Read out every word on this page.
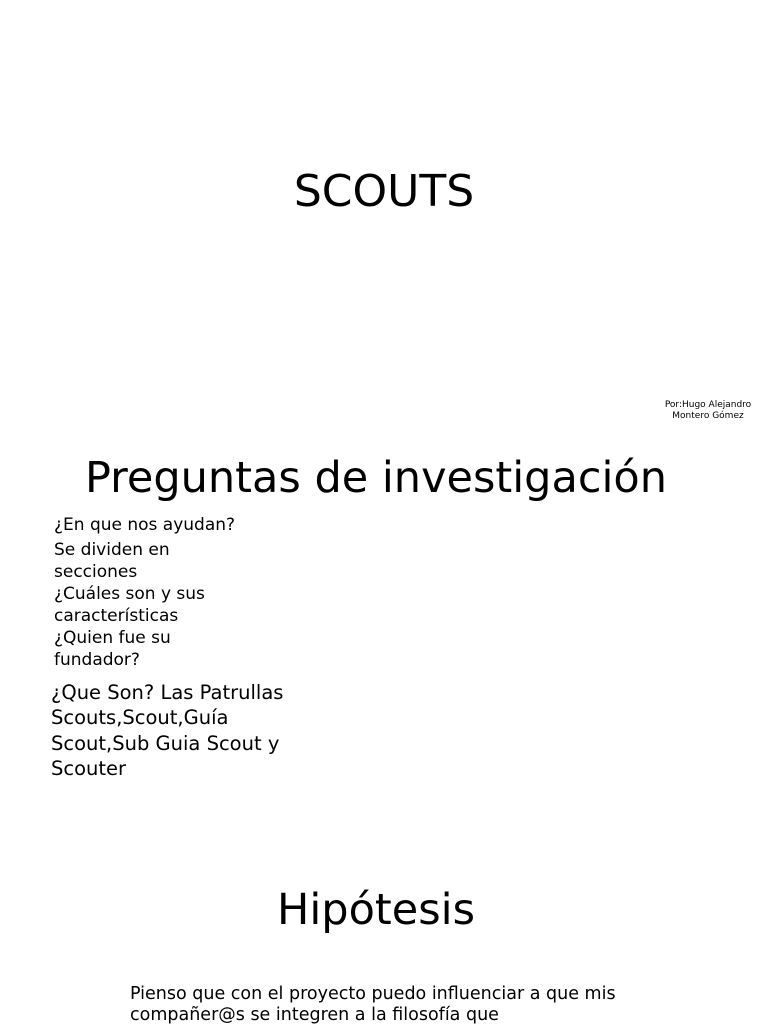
SCOUTS
Por:Hugo Alejandro
Montero Gómez
Preguntas de investigación

¿En que nos ayudan?

Se dividen en secciones

¿Cuáles son y sus características

¿Quien fue su fundador?

¿Que Son? Las Patrullas Scouts,Scout,Guía Scout,Sub Guia Scout y Scouter
Hipótesis
Pienso que con el proyecto puedo influenciar a que mis compañer@s se integren a la filosofía que
